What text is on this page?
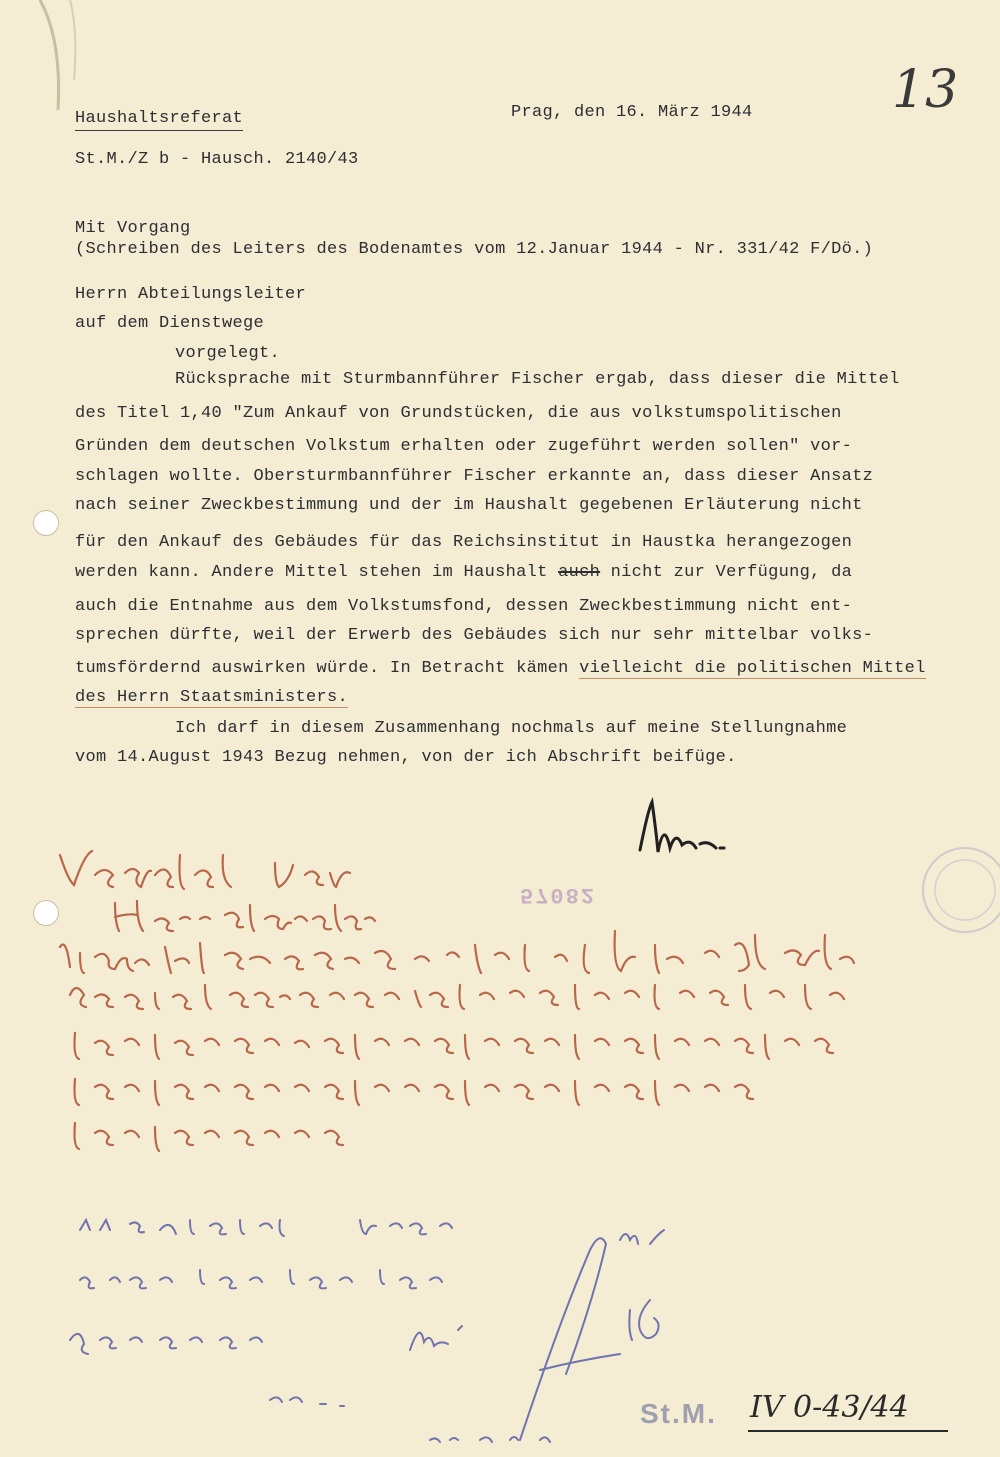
13
Haushaltsreferat	Prag, den 16. März 1944
St.M./Z b - Hausch. 2140/43
Mit Vorgang
(Schreiben des Leiters des Bodenamtes vom 12.Januar 1944 - Nr. 331/42 F/Dö.)
Herrn Abteilungsleiter
auf dem Dienstwege
vorgelegt.
Rücksprache mit Sturmbannführer Fischer ergab, dass dieser die Mittel
des Titel 1,40 "Zum Ankauf von Grundstücken, die aus volkstumspolitischen
Gründen dem deutschen Volkstum erhalten oder zugeführt werden sollen" vor-
schlagen wollte. Obersturmbannführer Fischer erkannte an, dass dieser Ansatz
nach seiner Zweckbestimmung und der im Haushalt gegebenen Erläuterung nicht
für den Ankauf des Gebäudes für das Reichsinstitut in Haustka herangezogen
werden kann. Andere Mittel stehen im Haushalt auch nicht zur Verfügung, da
auch die Entnahme aus dem Volkstumsfond, dessen Zweckbestimmung nicht ent-
sprechen dürfte, weil der Erwerb des Gebäudes sich nur sehr mittelbar volks-
tumsfördernd auswirken würde. In Betracht kämen vielleicht die politischen Mittel
des Herrn Staatsministers.
Ich darf in diesem Zusammenhang nochmals auf meine Stellungnahme
vom 14.August 1943 Bezug nehmen, von der ich Abschrift beifüge.
57082
St.M. IV 0-43/44
